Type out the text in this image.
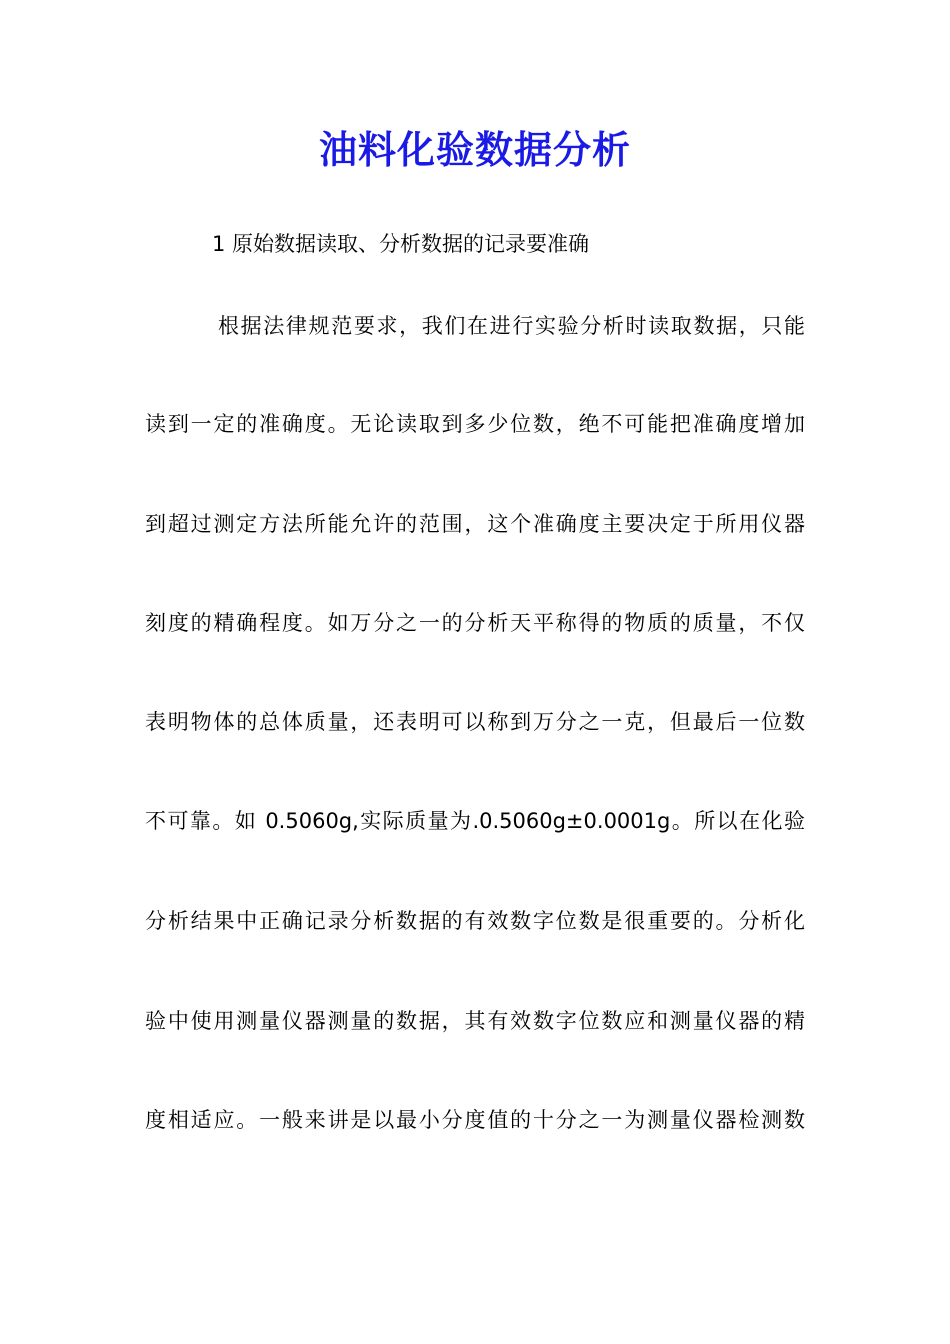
油料化验数据分析

1 原始数据读取、分析数据的记录要准确

根据法律规范要求，我们在进行实验分析时读取数据，只能

读到一定的准确度。无论读取到多少位数，绝不可能把准确度增加

到超过测定方法所能允许的范围，这个准确度主要决定于所用仪器

刻度的精确程度。如万分之一的分析天平称得的物质的质量，不仅

表明物体的总体质量，还表明可以称到万分之一克，但最后一位数

不可靠。如 0.5060g,实际质量为.0.5060g±0.0001g。所以在化验

分析结果中正确记录分析数据的有效数字位数是很重要的。分析化

验中使用测量仪器测量的数据，其有效数字位数应和测量仪器的精

度相适应。一般来讲是以最小分度值的十分之一为测量仪器检测数
